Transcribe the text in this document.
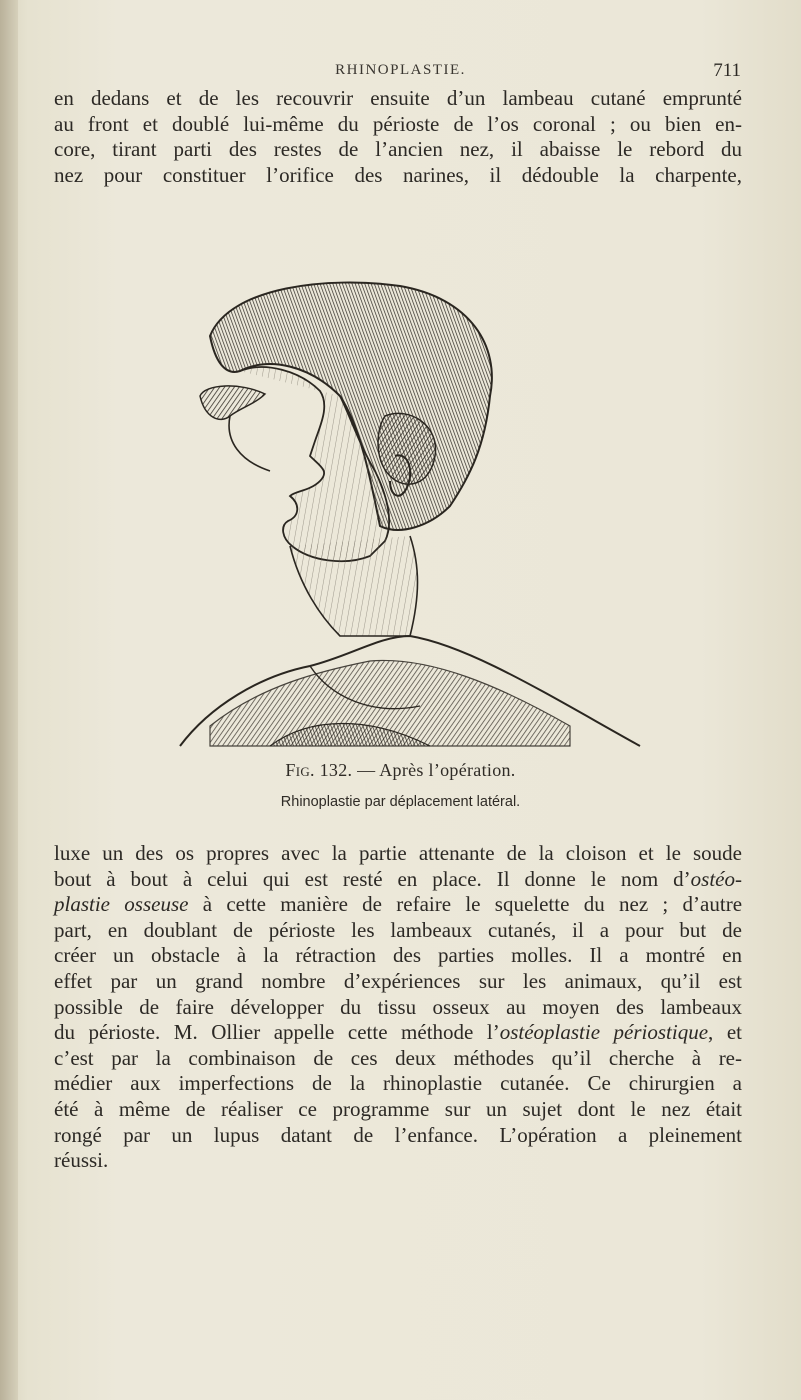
RHINOPLASTIE.	711
en dedans et de les recouvrir ensuite d’un lambeau cutané emprunté
au front et doublé lui-même du périoste de l’os coronal ; ou bien en-
core, tirant parti des restes de l’ancien nez, il abaisse le rebord du
nez pour constituer l’orifice des narines, il dédouble la charpente,
Fig. 132. — Après l’opération.
Rhinoplastie par déplacement latéral.
luxe un des os propres avec la partie attenante de la cloison et le soude
bout à bout à celui qui est resté en place. Il donne le nom d’ostéo-
plastie osseuse à cette manière de refaire le squelette du nez ; d’autre
part, en doublant de périoste les lambeaux cutanés, il a pour but de
créer un obstacle à la rétraction des parties molles. Il a montré en
effet par un grand nombre d’expériences sur les animaux, qu’il est
possible de faire développer du tissu osseux au moyen des lambeaux
du périoste. M. Ollier appelle cette méthode l’ostéoplastie périostique, et
c’est par la combinaison de ces deux méthodes qu’il cherche à re-
médier aux imperfections de la rhinoplastie cutanée. Ce chirurgien a
été à même de réaliser ce programme sur un sujet dont le nez était
rongé par un lupus datant de l’enfance. L’opération a pleinement
réussi.
